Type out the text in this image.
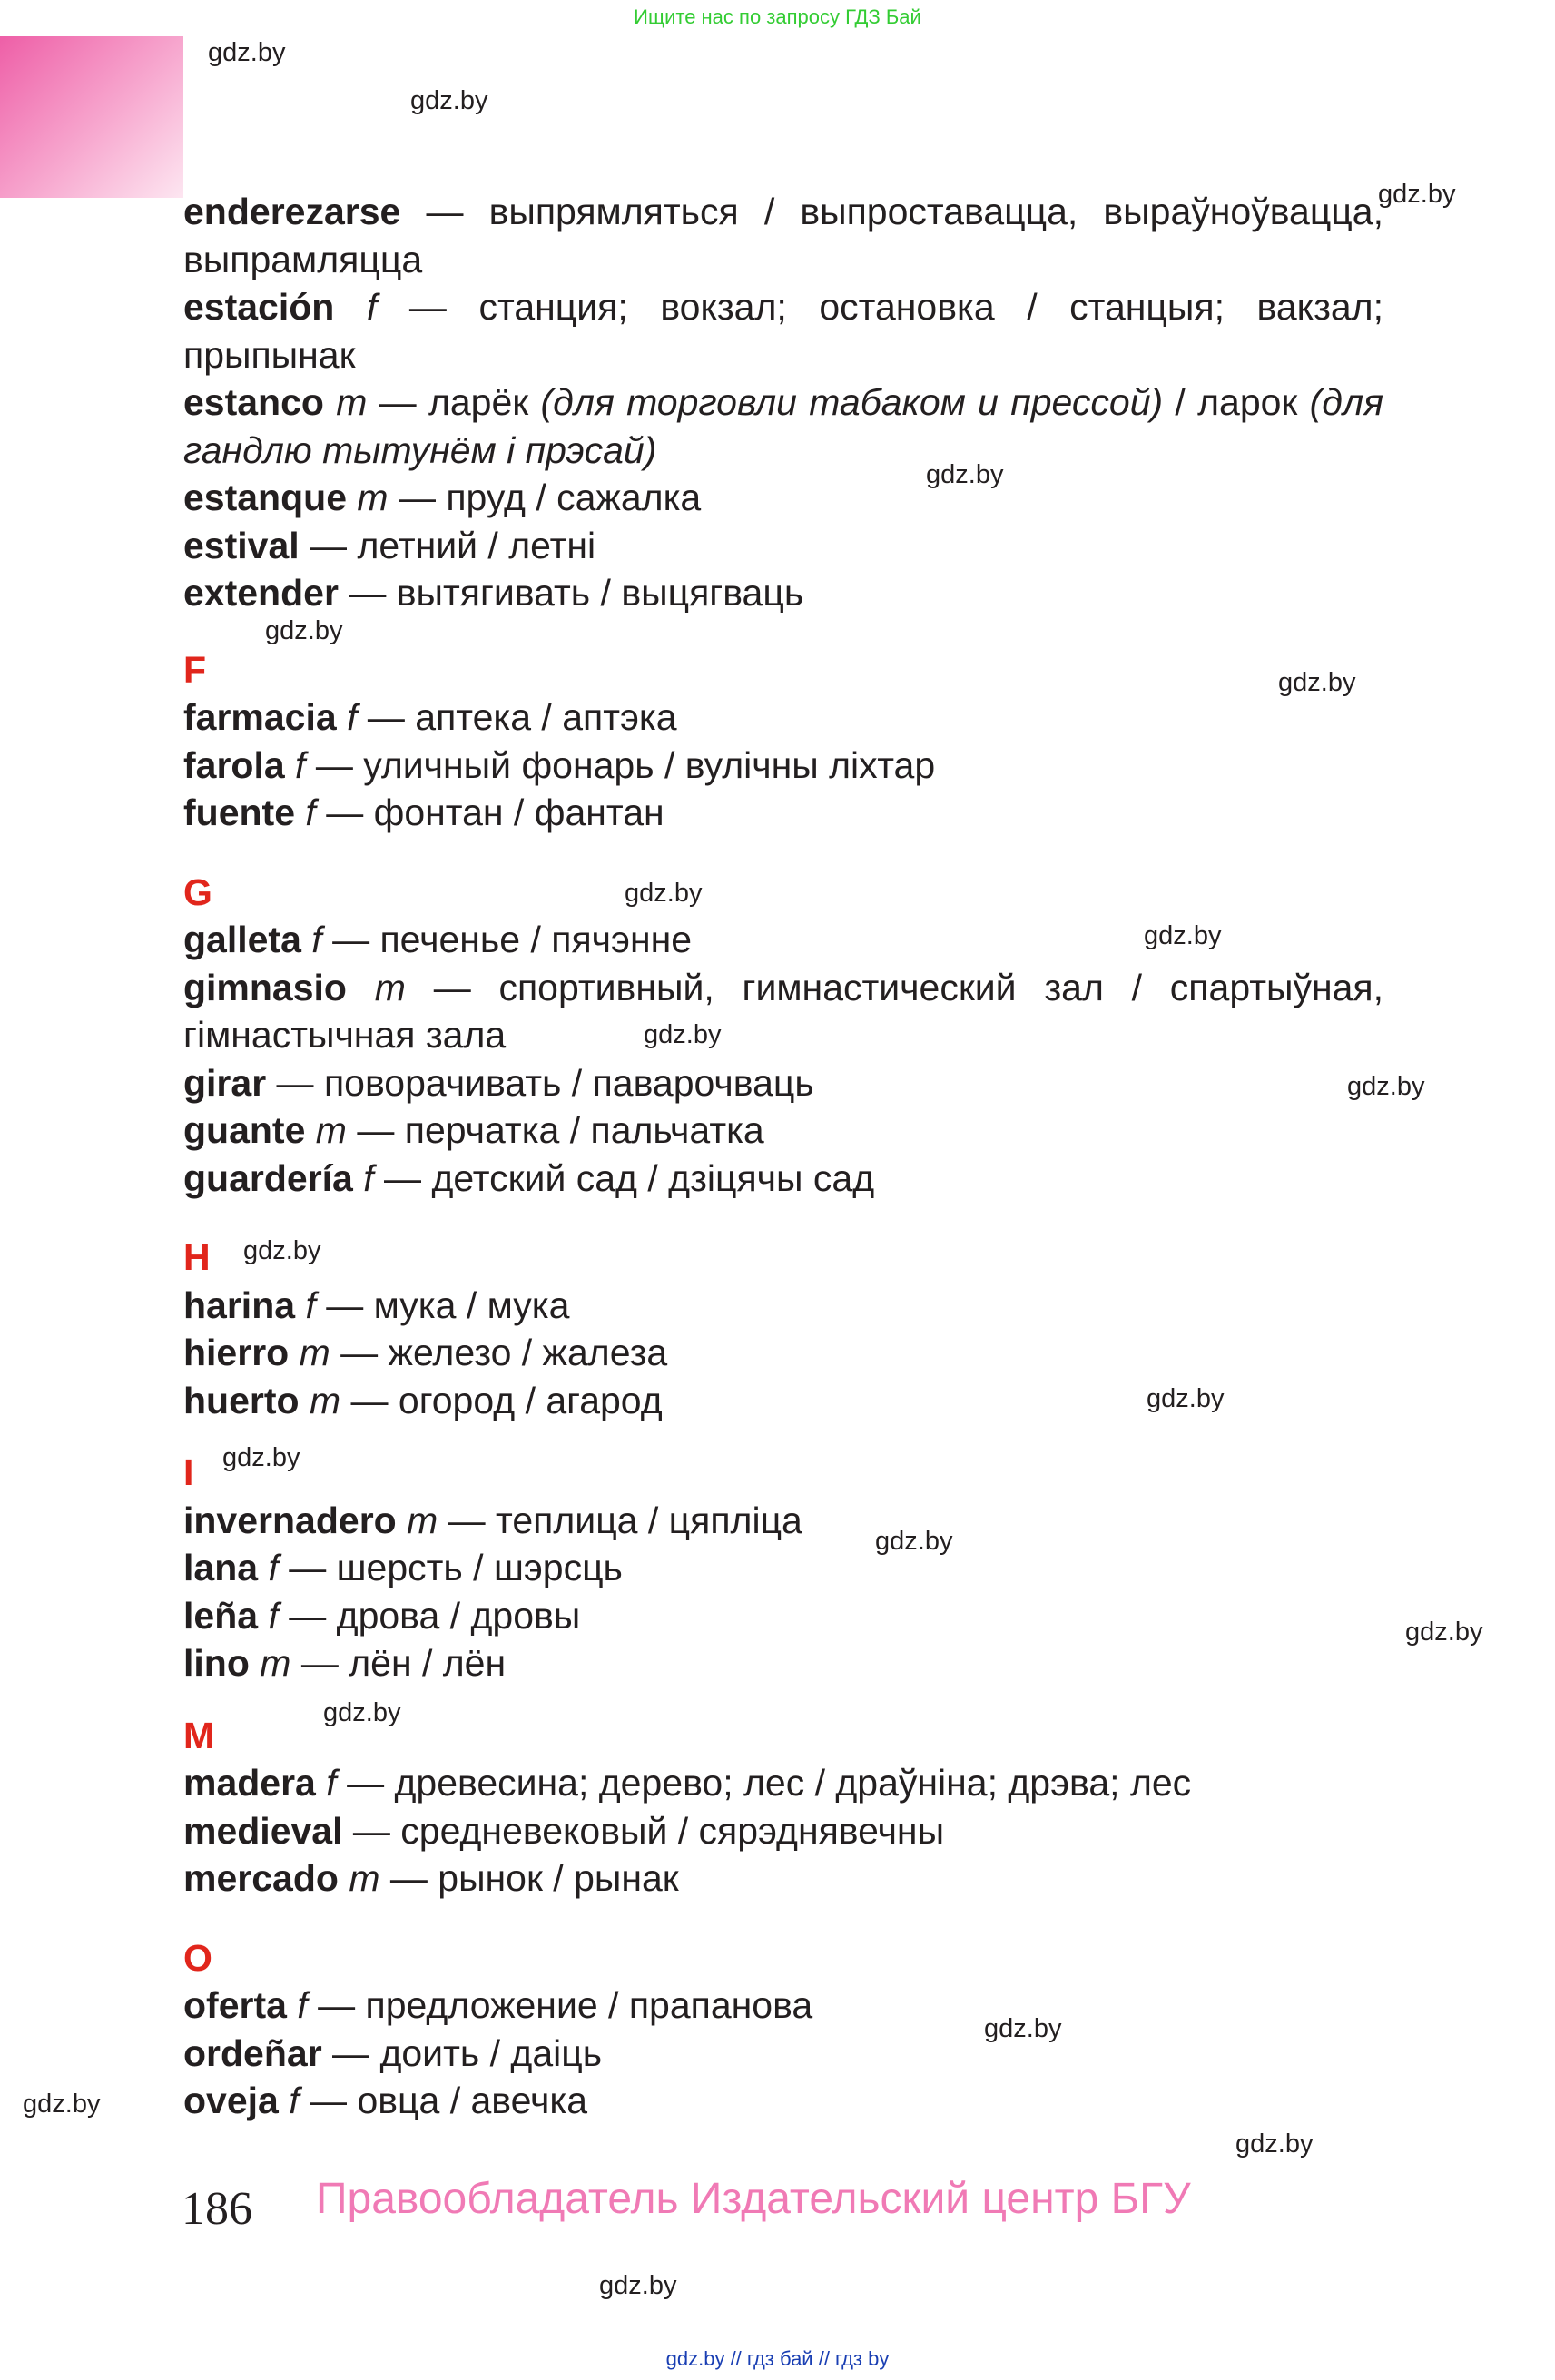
Ищите нас по запросу ГДЗ Бай
gdz.by
gdz.by
gdz.by
gdz.by
gdz.by
gdz.by
gdz.by
gdz.by
gdz.by
gdz.by
gdz.by
gdz.by
gdz.by
gdz.by
gdz.by
gdz.by
gdz.by
gdz.by
gdz.by
gdz.by

enderezarse — выпрямляться / выпроставацца, выраўноўвацца, выпрамляцца

estación f — станция; вокзал; остановка / станцыя; вакзал; прыпынак

estanco m — ларёк (для торговли табаком и прессой) / ларок (для гандлю тытунём і прэсай)

estanque m — пруд / сажалка

estival — летний / летні

extender — вытягивать / выцягваць

F

farmacia f — аптека / аптэка

farola f — уличный фонарь / вулічны ліхтар

fuente f — фонтан / фантан

G

galleta f — печенье / пячэнне

gimnasio m — спортивный, гимнастический зал / спартыўная, гімнастычная зала

girar — поворачивать / паварочваць

guante m — перчатка / пальчатка

guardería f — детский сад / дзіцячы сад

H

harina f — мука / мука

hierro m — железо / жалеза

huerto m — огород / агарод

I

invernadero m — теплица / цяпліца

lana f — шерсть / шэрсць

leña f — дрова / дровы

lino m — лён / лён

M

madera f — древесина; дерево; лес / драўніна; дрэва; лес

medieval — средневековый / сярэднявечны

mercado m — рынок / рынак

O

oferta f — предложение / прапанова

ordeñar — доить / даіць

oveja f — овца / авечка

186 Правообладатель Издательский центр БГУ
gdz.by // гдз бай // гдз by
